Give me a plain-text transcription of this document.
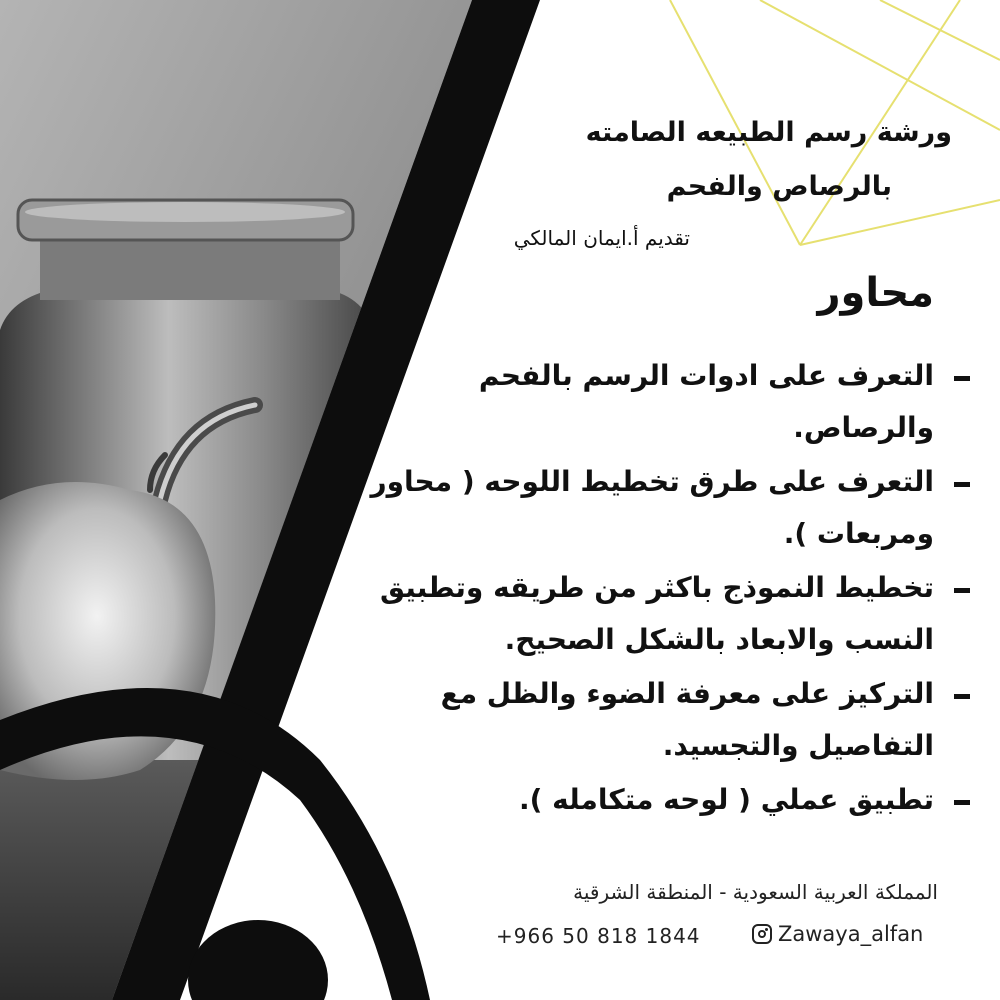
ورشة رسم الطبيعه الصامته
بالرصاص والفحم
تقديم أ.ايمان المالكي
محاور
التعرف على ادوات الرسم بالفحم والرصاص.
التعرف على طرق تخطيط اللوحه ( محاور ومربعات ).
تخطيط النموذج باكثر من طريقه وتطبيق النسب والابعاد بالشكل الصحيح.
التركيز على معرفة الضوء والظل مع التفاصيل والتجسيد.
تطبيق عملي ( لوحه متكامله ).
المملكة العربية السعودية - المنطقة الشرقية
+966 50 818 1844	Zawaya_alfan
